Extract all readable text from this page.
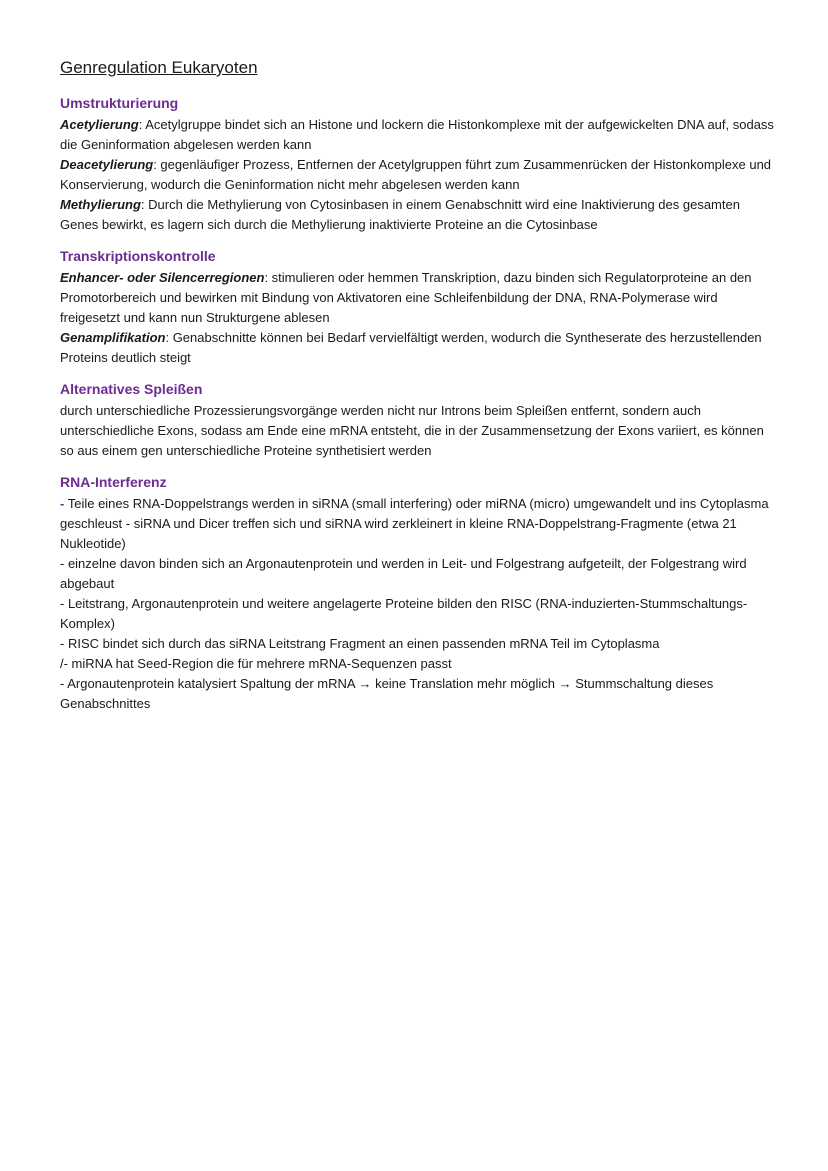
Genregulation Eukaryoten
Umstrukturierung

Acetylierung: Acetylgruppe bindet sich an Histone und lockern die Histonkomplexe mit der aufgewickelten DNA auf, sodass die Geninformation abgelesen werden kann

Deacetylierung: gegenläufiger Prozess, Entfernen der Acetylgruppen führt zum Zusammenrücken der Histonkomplexe und Konservierung, wodurch die Geninformation nicht mehr abgelesen werden kann

Methylierung: Durch die Methylierung von Cytosinbasen in einem Genabschnitt wird eine Inaktivierung des gesamten Genes bewirkt, es lagern sich durch die Methylierung inaktivierte Proteine an die Cytosinbase

Transkriptionskontrolle

Enhancer- oder Silencerregionen: stimulieren oder hemmen Transkription, dazu binden sich Regulatorproteine an den Promotorbereich und bewirken mit Bindung von Aktivatoren eine Schleifenbildung der DNA, RNA-Polymerase wird freigesetzt und kann nun Strukturgene ablesen

Genamplifikation: Genabschnitte können bei Bedarf vervielfältigt werden, wodurch die Syntheserate des herzustellenden Proteins deutlich steigt

Alternatives Spleißen

durch unterschiedliche Prozessierungsvorgänge werden nicht nur Introns beim Spleißen entfernt, sondern auch unterschiedliche Exons, sodass am Ende eine mRNA entsteht, die in der Zusammensetzung der Exons variiert, es können so aus einem gen unterschiedliche Proteine synthetisiert werden

RNA-Interferenz

- Teile eines RNA-Doppelstrangs werden in siRNA (small interfering) oder miRNA (micro) umgewandelt und ins Cytoplasma geschleust - siRNA und Dicer treffen sich und siRNA wird zerkleinert in kleine RNA-Doppelstrang-Fragmente (etwa 21 Nukleotide)

- einzelne davon binden sich an Argonautenprotein und werden in Leit- und Folgestrang aufgeteilt, der Folgestrang wird abgebaut

- Leitstrang, Argonautenprotein und weitere angelagerte Proteine bilden den RISC (RNA-induzierten-Stummschaltungs-Komplex)

- RISC bindet sich durch das siRNA Leitstrang Fragment an einen passenden mRNA Teil im Cytoplasma

/- miRNA hat Seed-Region die für mehrere mRNA-Sequenzen passt

- Argonautenprotein katalysiert Spaltung der mRNA → keine Translation mehr möglich → Stummschaltung dieses Genabschnittes
